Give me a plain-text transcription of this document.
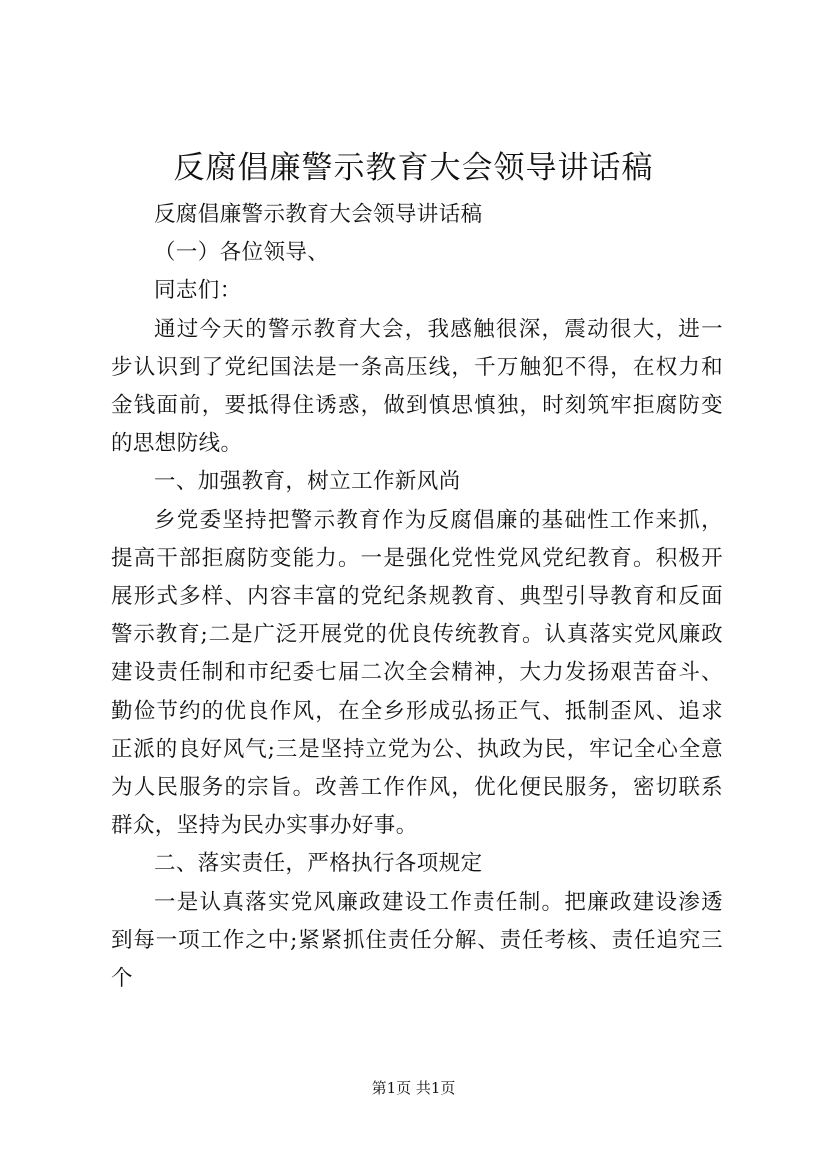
反腐倡廉警示教育大会领导讲话稿

反腐倡廉警示教育大会领导讲话稿

（一）各位领导、

同志们：

通过今天的警示教育大会，我感触很深，震动很大，进一步认识到了党纪国法是一条高压线，千万触犯不得，在权力和金钱面前，要抵得住诱惑，做到慎思慎独，时刻筑牢拒腐防变的思想防线。

一、加强教育，树立工作新风尚

乡党委坚持把警示教育作为反腐倡廉的基础性工作来抓，提高干部拒腐防变能力。一是强化党性党风党纪教育。积极开展形式多样、内容丰富的党纪条规教育、典型引导教育和反面警示教育;二是广泛开展党的优良传统教育。认真落实党风廉政建设责任制和市纪委七届二次全会精神，大力发扬艰苦奋斗、勤俭节约的优良作风，在全乡形成弘扬正气、抵制歪风、追求正派的良好风气;三是坚持立党为公、执政为民，牢记全心全意为人民服务的宗旨。改善工作作风，优化便民服务，密切联系群众，坚持为民办实事办好事。

二、落实责任，严格执行各项规定

一是认真落实党风廉政建设工作责任制。把廉政建设渗透到每一项工作之中;紧紧抓住责任分解、责任考核、责任追究三个

第1页 共1页
